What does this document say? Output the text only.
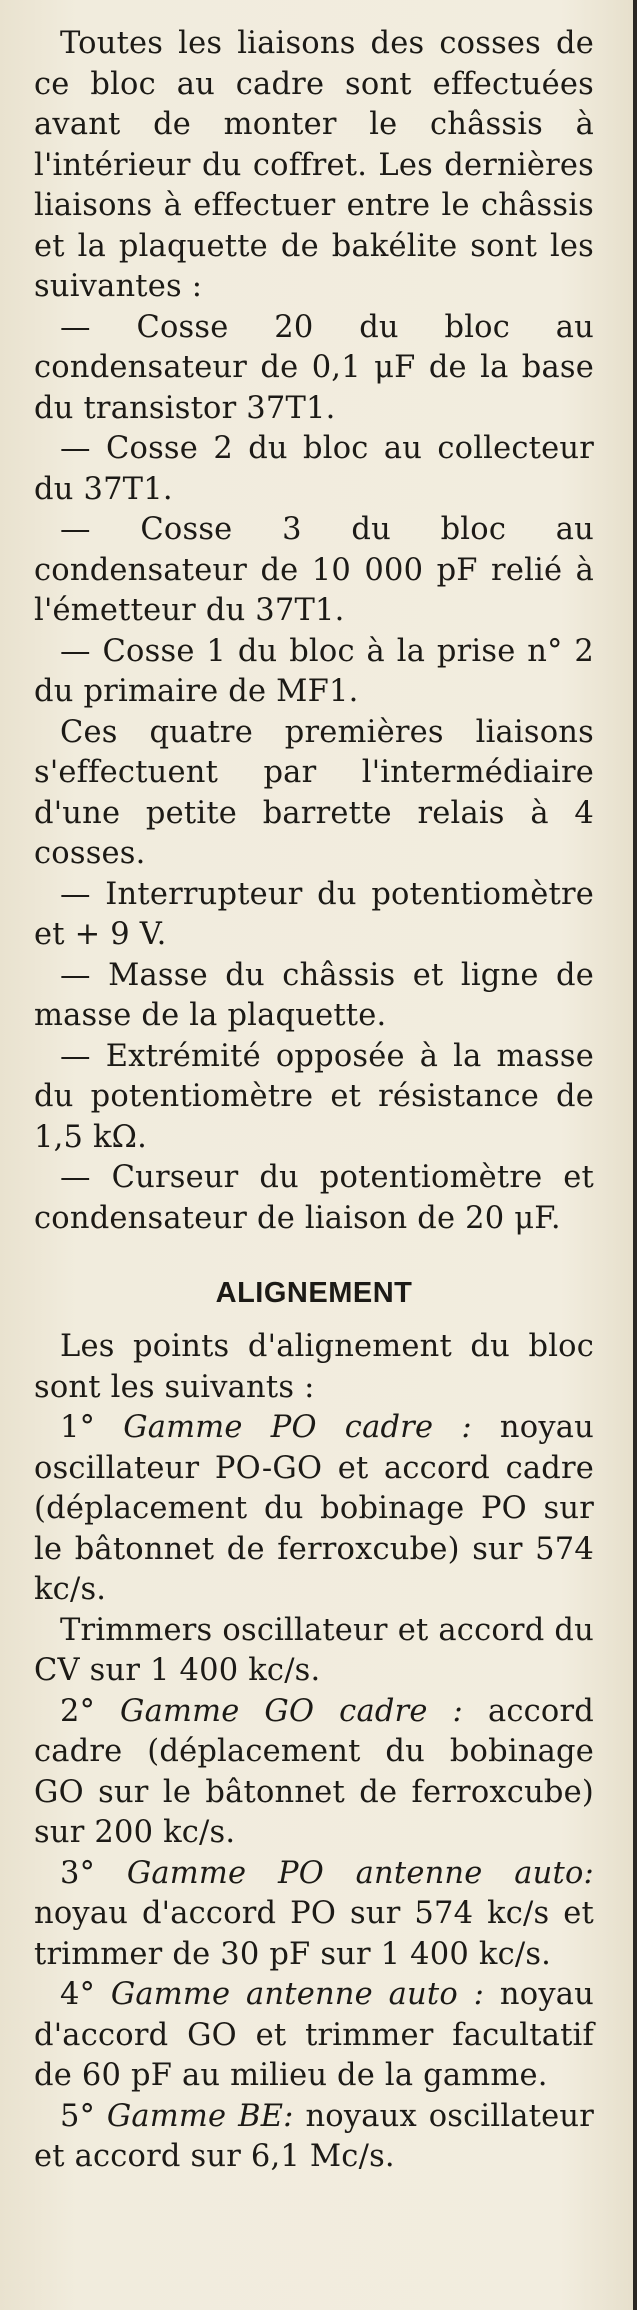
Toutes les liaisons des cosses de ce bloc au cadre sont effectuées avant de monter le châssis à l'intérieur du coffret. Les dernières liaisons à effectuer entre le châssis et la plaquette de bakélite sont les suivantes :

— Cosse 20 du bloc au condensateur de 0,1 μF de la base du transistor 37T1.

— Cosse 2 du bloc au collecteur du 37T1.

— Cosse 3 du bloc au condensateur de 10 000 pF relié à l'émetteur du 37T1.

— Cosse 1 du bloc à la prise n° 2 du primaire de MF1.

Ces quatre premières liaisons s'effectuent par l'intermédiaire d'une petite barrette relais à 4 cosses.

— Interrupteur du potentiomètre et + 9 V.

— Masse du châssis et ligne de masse de la plaquette.

— Extrémité opposée à la masse du potentiomètre et résistance de 1,5 kΩ.

— Curseur du potentiomètre et condensateur de liaison de 20 μF.

ALIGNEMENT

Les points d'alignement du bloc sont les suivants :

1° Gamme PO cadre : noyau oscillateur PO-GO et accord cadre (déplacement du bobinage PO sur le bâtonnet de ferroxcube) sur 574 kc/s.

Trimmers oscillateur et accord du CV sur 1 400 kc/s.

2° Gamme GO cadre : accord cadre (déplacement du bobinage GO sur le bâtonnet de ferroxcube) sur 200 kc/s.

3° Gamme PO antenne auto: noyau d'accord PO sur 574 kc/s et trimmer de 30 pF sur 1 400 kc/s.

4° Gamme antenne auto : noyau d'accord GO et trimmer facultatif de 60 pF au milieu de la gamme.

5° Gamme BE: noyaux oscillateur et accord sur 6,1 Mc/s.
